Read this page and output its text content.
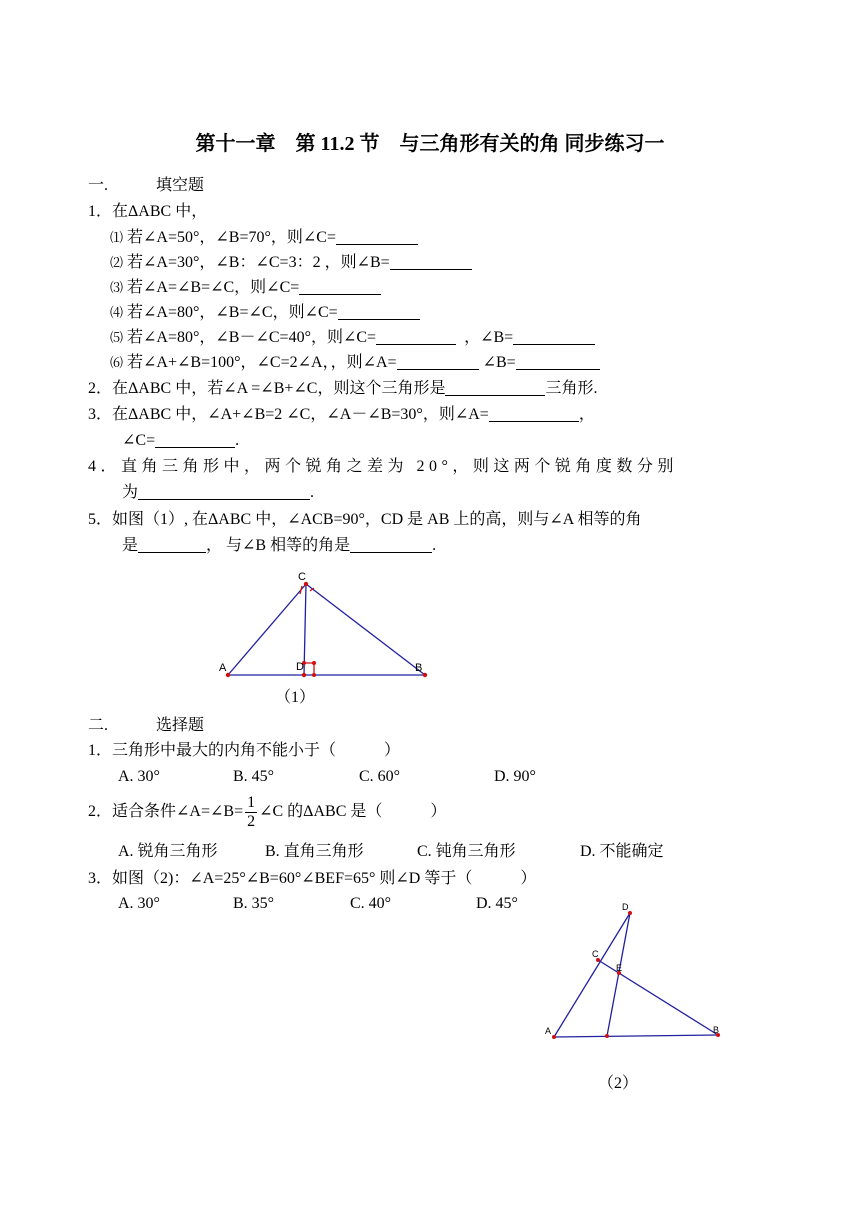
第十一章　第 11.2 节　与三角形有关的角 同步练习一
一.	填空题
1．在ΔABC 中，
⑴ 若∠A=50°，∠B=70°，则∠C=
⑵ 若∠A=30°，∠B：∠C=3：2 ，则∠B=
⑶ 若∠A=∠B=∠C，则∠C=
⑷ 若∠A=80°，∠B=∠C，则∠C=
⑸ 若∠A=80°，∠B－∠C=40°，则∠C=	，∠B=
⑹ 若∠A+∠B=100°，∠C=2∠A，，则∠A=	∠B=
2．在ΔABC 中，若∠A =∠B+∠C，则这个三角形是	三角形.
3．在ΔABC 中，∠A+∠B=2 ∠C，∠A－∠B=30°，则∠A=	，
∠C=	.
4．直角三角形中，两个锐角之差为 20°，则这两个锐角度数分别
为	.
5．如图（1）, 在ΔABC 中，∠ACB=90°，CD 是 AB 上的高，则与∠A 相等的角
是	， 与∠B 相等的角是	.
C
A	D	B
D
C
E
A	B
（1）
二.	选择题
1．三角形中最大的内角不能小于（　　　）
A. 30°	B. 45°	C. 60°	D. 90°
2．适合条件∠A=∠B= $\frac{1}{2}$ ∠C 的ΔABC 是（　　　）
A. 锐角三角形	B. 直角三角形	C. 钝角三角形	D. 不能确定
3．如图（2)：∠A=25°∠B=60°∠BEF=65° 则∠D 等于（　　　）
A. 30°	B. 35°	C. 40°	D. 45°
（2）
